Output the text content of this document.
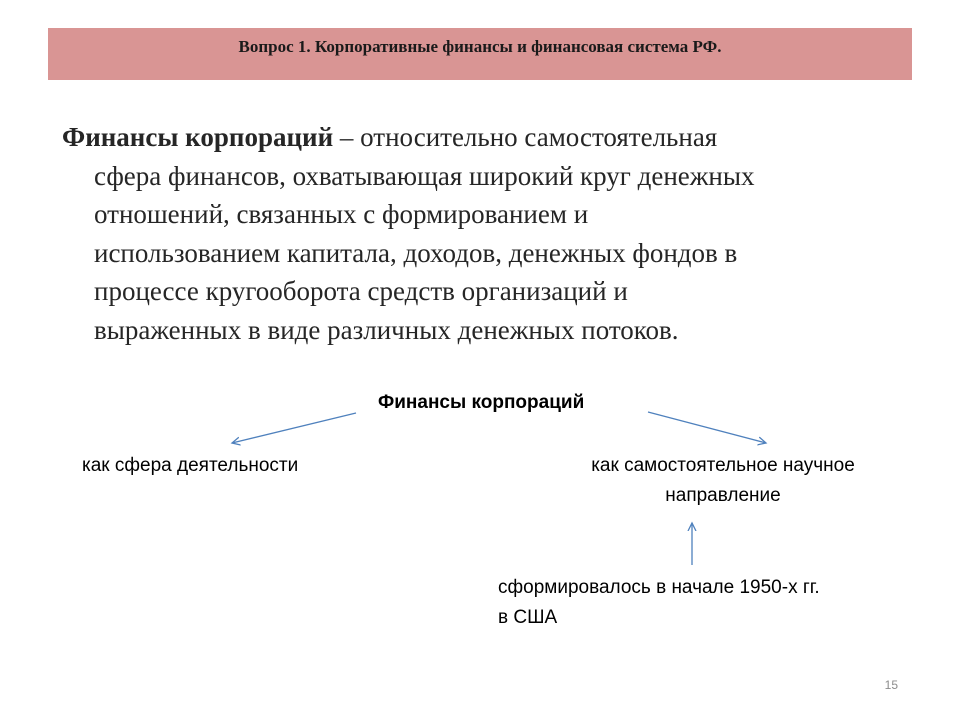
Вопрос 1. Корпоративные финансы и финансовая система РФ.
Финансы корпораций – относительно самостоятельная
сфера финансов, охватывающая широкий круг денежных
отношений, связанных с формированием и
использованием капитала, доходов, денежных фондов в
процессе кругооборота средств организаций и
выраженных в виде различных денежных потоков.
Финансы корпораций
как сфера деятельности	как самостоятельное научное
направление
сформировалось в начале 1950-х гг.
в США
15
